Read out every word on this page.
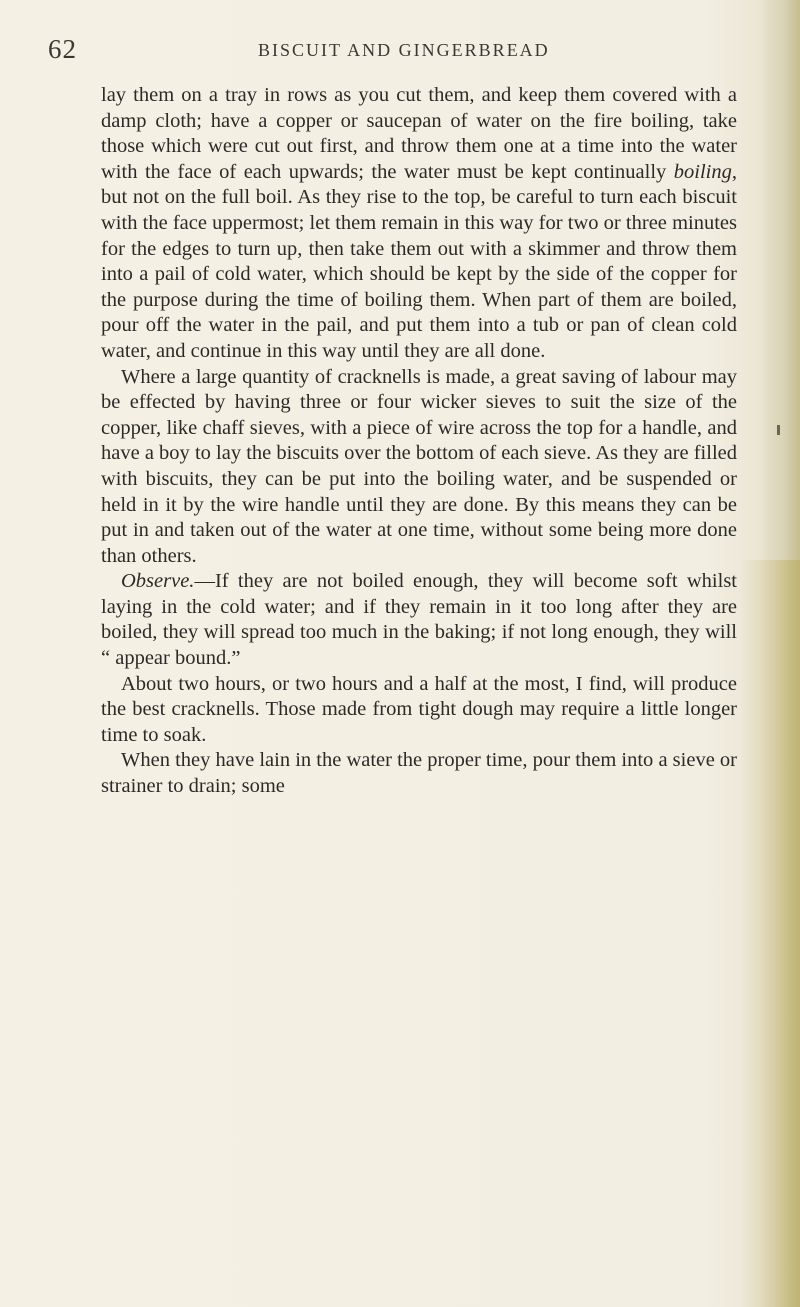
62	BISCUIT AND GINGERBREAD

lay them on a tray in rows as you cut them, and keep them covered with a damp cloth; have a copper or saucepan of water on the fire boiling, take those which were cut out first, and throw them one at a time into the water with the face of each upwards; the water must be kept continually boiling, but not on the full boil. As they rise to the top, be careful to turn each biscuit with the face uppermost; let them remain in this way for two or three minutes for the edges to turn up, then take them out with a skimmer and throw them into a pail of cold water, which should be kept by the side of the copper for the purpose during the time of boiling them. When part of them are boiled, pour off the water in the pail, and put them into a tub or pan of clean cold water, and continue in this way until they are all done.

Where a large quantity of cracknells is made, a great saving of labour may be effected by having three or four wicker sieves to suit the size of the copper, like chaff sieves, with a piece of wire across the top for a handle, and have a boy to lay the biscuits over the bottom of each sieve. As they are filled with biscuits, they can be put into the boiling water, and be suspended or held in it by the wire handle until they are done. By this means they can be put in and taken out of the water at one time, without some being more done than others.

Observe.—If they are not boiled enough, they will become soft whilst laying in the cold water; and if they remain in it too long after they are boiled, they will spread too much in the baking; if not long enough, they will “ appear bound.”

About two hours, or two hours and a half at the most, I find, will produce the best cracknells. Those made from tight dough may require a little longer time to soak.

When they have lain in the water the proper time, pour them into a sieve or strainer to drain; some
